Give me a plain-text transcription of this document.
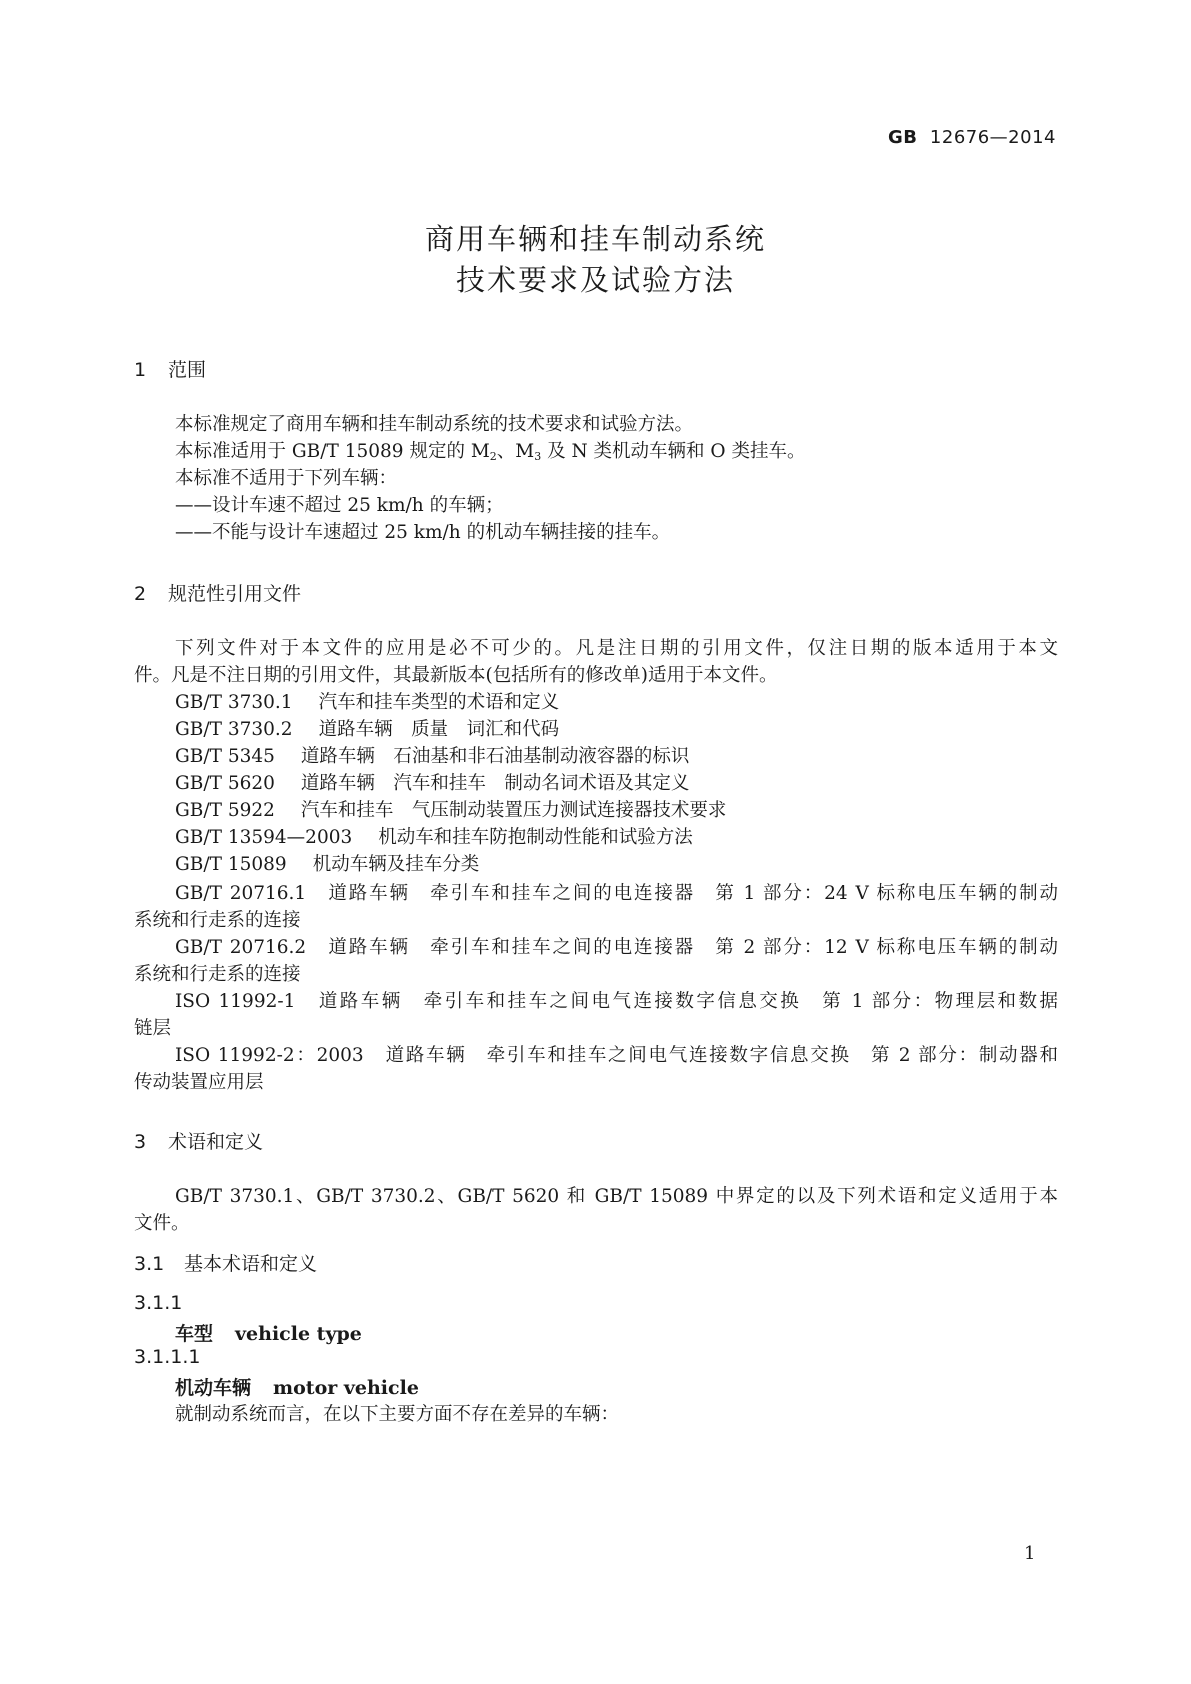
GB 12676—2014
商用车辆和挂车制动系统
技术要求及试验方法
1 范围
本标准规定了商用车辆和挂车制动系统的技术要求和试验方法。
本标准适用于 GB/T 15089 规定的 $M_2$、$M_3$ 及 N 类机动车辆和 O 类挂车。
本标准不适用于下列车辆：
——设计车速不超过 25 km/h 的车辆；
——不能与设计车速超过 25 km/h 的机动车辆挂接的挂车。
2 规范性引用文件
下列文件对于本文件的应用是必不可少的。凡是注日期的引用文件，仅注日期的版本适用于本文
件。凡是不注日期的引用文件，其最新版本(包括所有的修改单)适用于本文件。
GB/T 3730.1 汽车和挂车类型的术语和定义
GB/T 3730.2 道路车辆　质量　词汇和代码
GB/T 5345 道路车辆　石油基和非石油基制动液容器的标识
GB/T 5620 道路车辆　汽车和挂车　制动名词术语及其定义
GB/T 5922 汽车和挂车　气压制动装置压力测试连接器技术要求
GB/T 13594—2003 机动车和挂车防抱制动性能和试验方法
GB/T 15089 机动车辆及挂车分类
GB/T 20716.1　道路车辆　牵引车和挂车之间的电连接器　第 1 部分：24 V 标称电压车辆的制动
系统和行走系的连接
GB/T 20716.2　道路车辆　牵引车和挂车之间的电连接器　第 2 部分：12 V 标称电压车辆的制动
系统和行走系的连接
ISO 11992-1　道路车辆　牵引车和挂车之间电气连接数字信息交换　第 1 部分：物理层和数据
链层
ISO 11992-2：2003　道路车辆　牵引车和挂车之间电气连接数字信息交换　第 2 部分：制动器和
传动装置应用层
3 术语和定义
GB/T 3730.1、GB/T 3730.2、GB/T 5620 和 GB/T 15089 中界定的以及下列术语和定义适用于本
文件。
3.1 基本术语和定义
3.1.1
车型 vehicle type
3.1.1.1
机动车辆 motor vehicle
就制动系统而言，在以下主要方面不存在差异的车辆：
1
